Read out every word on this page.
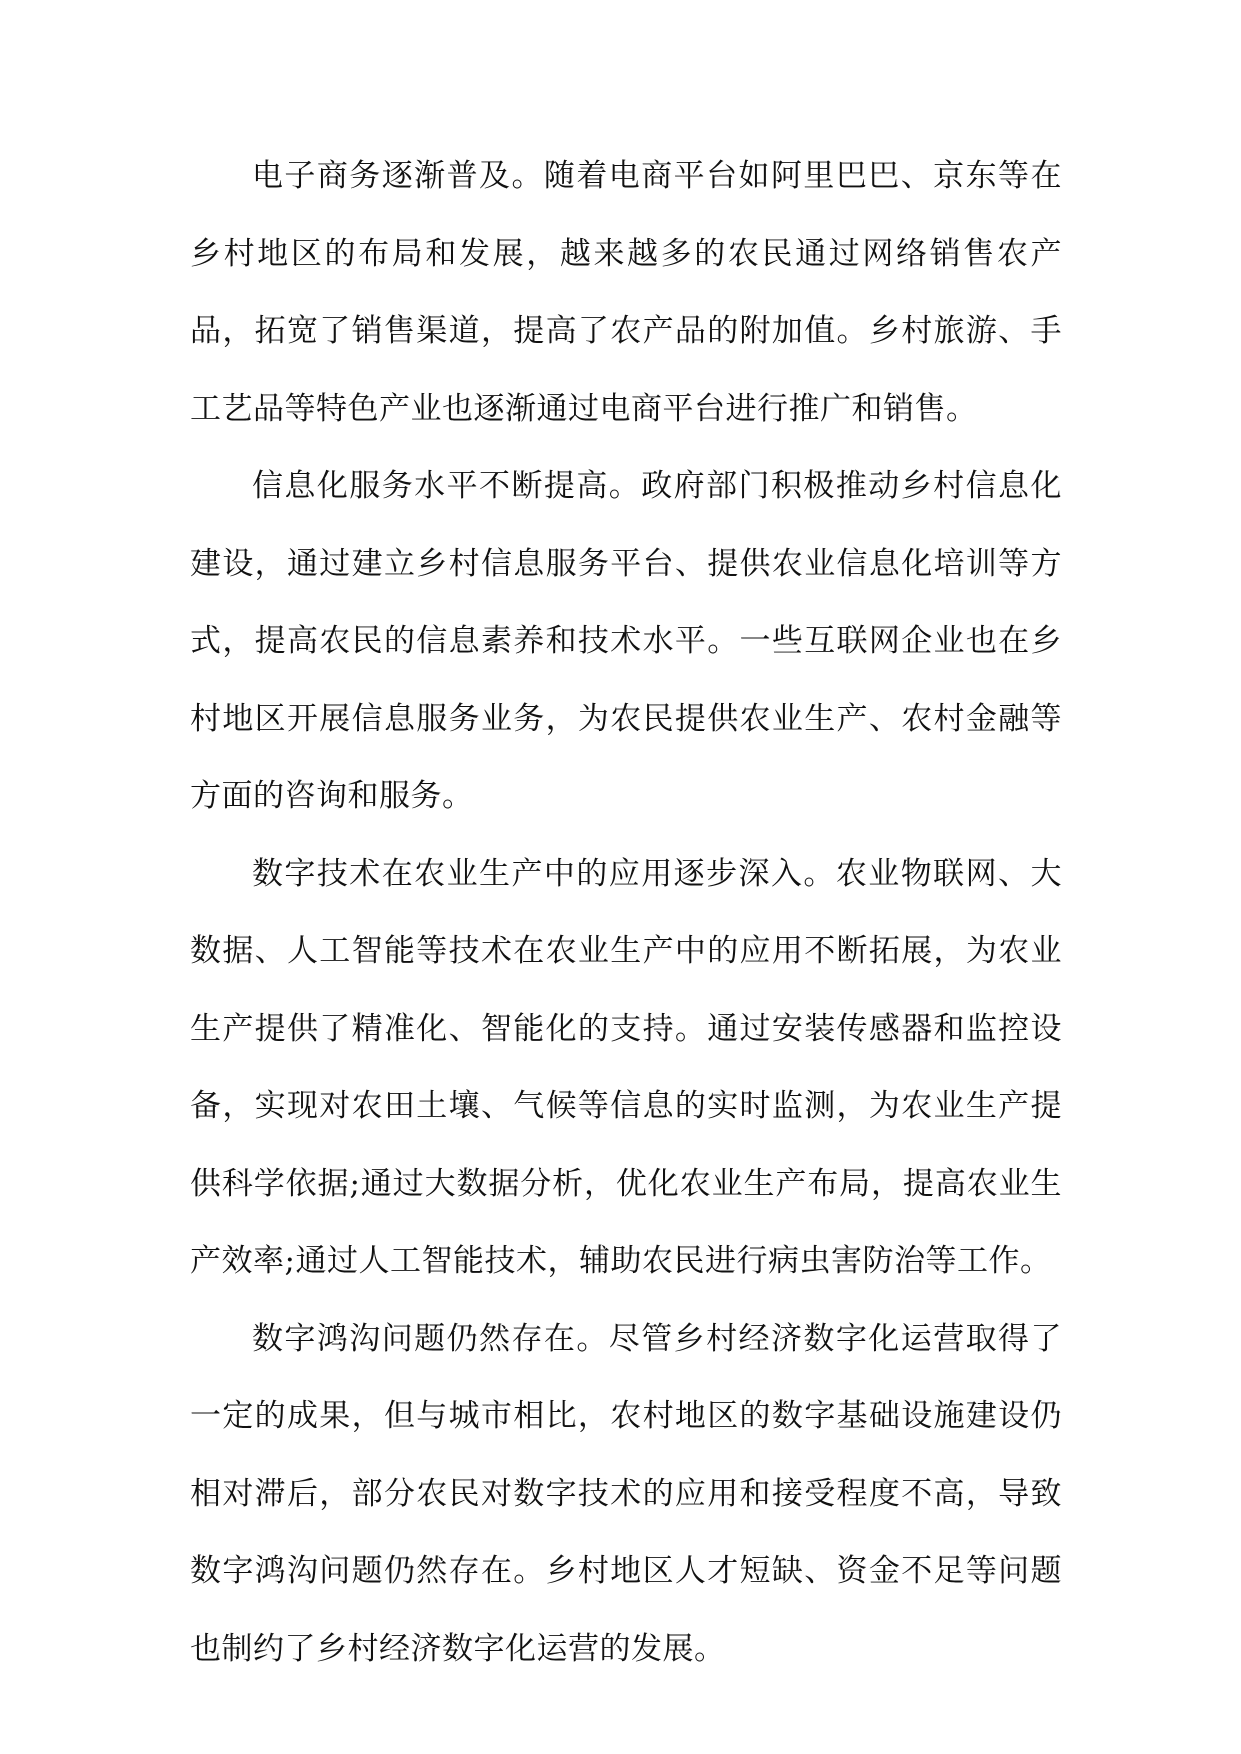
电子商务逐渐普及。随着电商平台如阿里巴巴、京东等在乡村地区的布局和发展，越来越多的农民通过网络销售农产品，拓宽了销售渠道，提高了农产品的附加值。乡村旅游、手工艺品等特色产业也逐渐通过电商平台进行推广和销售。

信息化服务水平不断提高。政府部门积极推动乡村信息化建设，通过建立乡村信息服务平台、提供农业信息化培训等方式，提高农民的信息素养和技术水平。一些互联网企业也在乡村地区开展信息服务业务，为农民提供农业生产、农村金融等方面的咨询和服务。

数字技术在农业生产中的应用逐步深入。农业物联网、大数据、人工智能等技术在农业生产中的应用不断拓展，为农业生产提供了精准化、智能化的支持。通过安装传感器和监控设备，实现对农田土壤、气候等信息的实时监测，为农业生产提供科学依据;通过大数据分析，优化农业生产布局，提高农业生产效率;通过人工智能技术，辅助农民进行病虫害防治等工作。

数字鸿沟问题仍然存在。尽管乡村经济数字化运营取得了一定的成果，但与城市相比，农村地区的数字基础设施建设仍相对滞后，部分农民对数字技术的应用和接受程度不高，导致数字鸿沟问题仍然存在。乡村地区人才短缺、资金不足等问题也制约了乡村经济数字化运营的发展。
